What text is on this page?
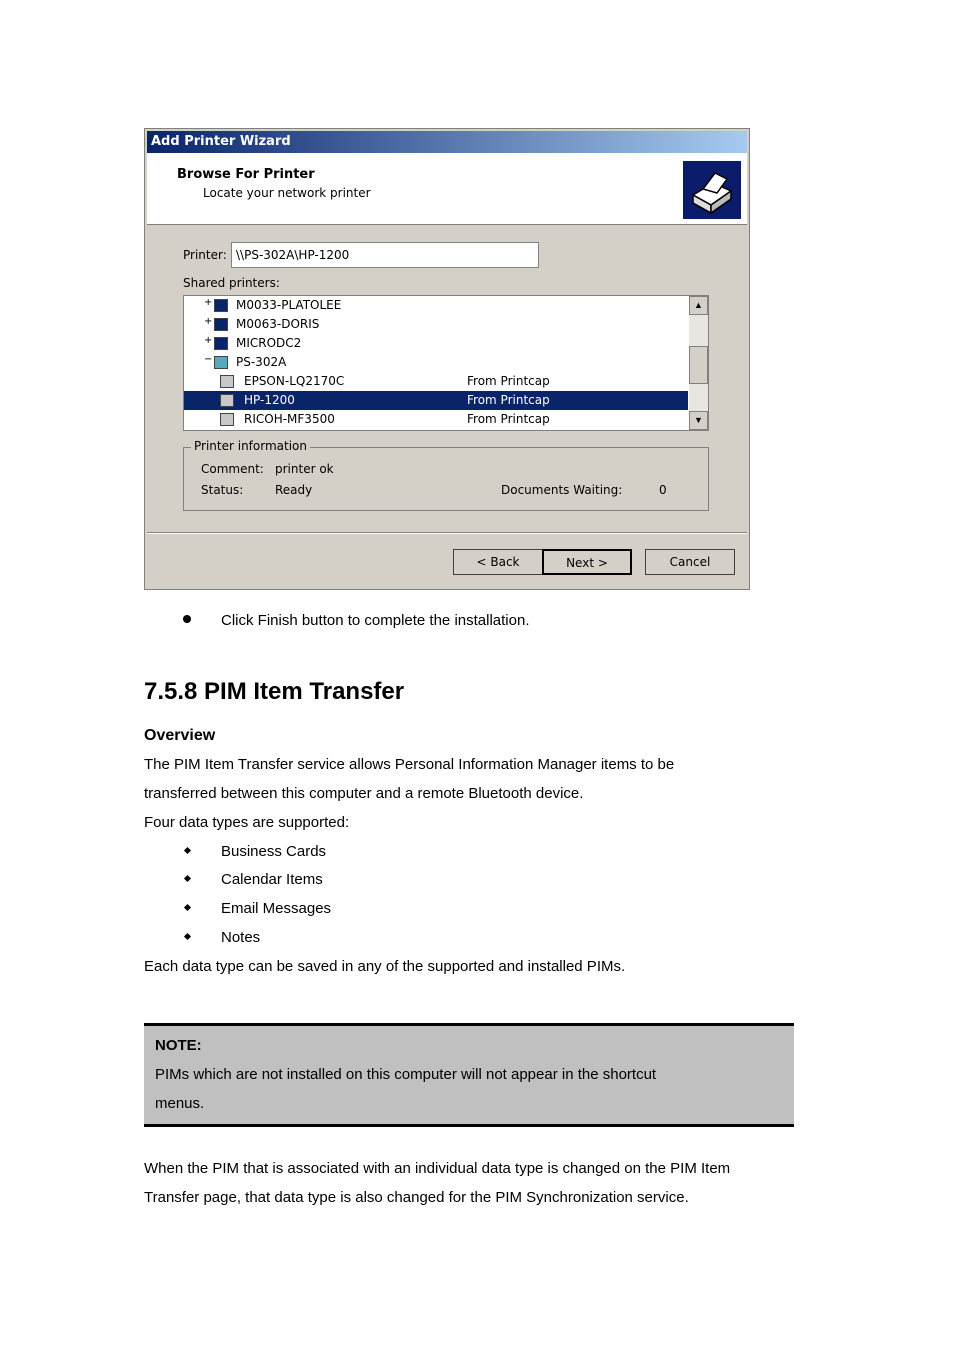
Add Printer Wizard
Browse For Printer
Locate your network printer
Printer: \\PS-302A\HP-1200
Shared printers:
+ M0033-PLATOLEE
+ M0063-DORIS
+ MICRODC2
− PS-302A
EPSON-LQ2170C	From Printcap
HP-1200	From Printcap
RICOH-MF3500	From Printcap
▲
▼
Printer information
Comment: printer ok
Status:	Ready	Documents Waiting:	0
< Back	Next >	Cancel
Click Finish button to complete the installation.
7.5.8 PIM Item Transfer
Overview
The PIM Item Transfer service allows Personal Information Manager items to be
transferred between this computer and a remote Bluetooth device.
Four data types are supported:
Business Cards
Calendar Items
Email Messages
Notes
Each data type can be saved in any of the supported and installed PIMs.
NOTE:
PIMs which are not installed on this computer will not appear in the shortcut
menus.
When the PIM that is associated with an individual data type is changed on the PIM Item
Transfer page, that data type is also changed for the PIM Synchronization service.
